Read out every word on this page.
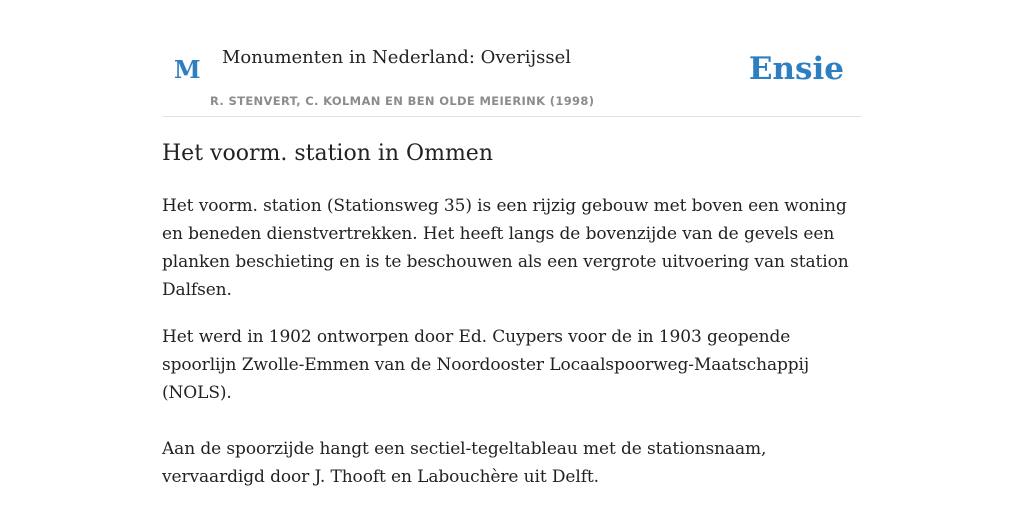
M Monumenten in Nederland: Overijssel
R. STENVERT, C. KOLMAN EN BEN OLDE MEIERINK (1998)
Ensie
Het voorm. station in Ommen

Het voorm. station (Stationsweg 35) is een rijzig gebouw met boven een woning en beneden dienstvertrekken. Het heeft langs de bovenzijde van de gevels een planken beschieting en is te beschouwen als een vergrote uitvoering van station Dalfsen.

Het werd in 1902 ontworpen door Ed. Cuypers voor de in 1903 geopende spoorlijn Zwolle-Emmen van de Noordooster Locaalspoorweg-Maatschappij (NOLS).

Aan de spoorzijde hangt een sectiel-tegeltableau met de stationsnaam, vervaardigd door J. Thooft en Labouchère uit Delft.
